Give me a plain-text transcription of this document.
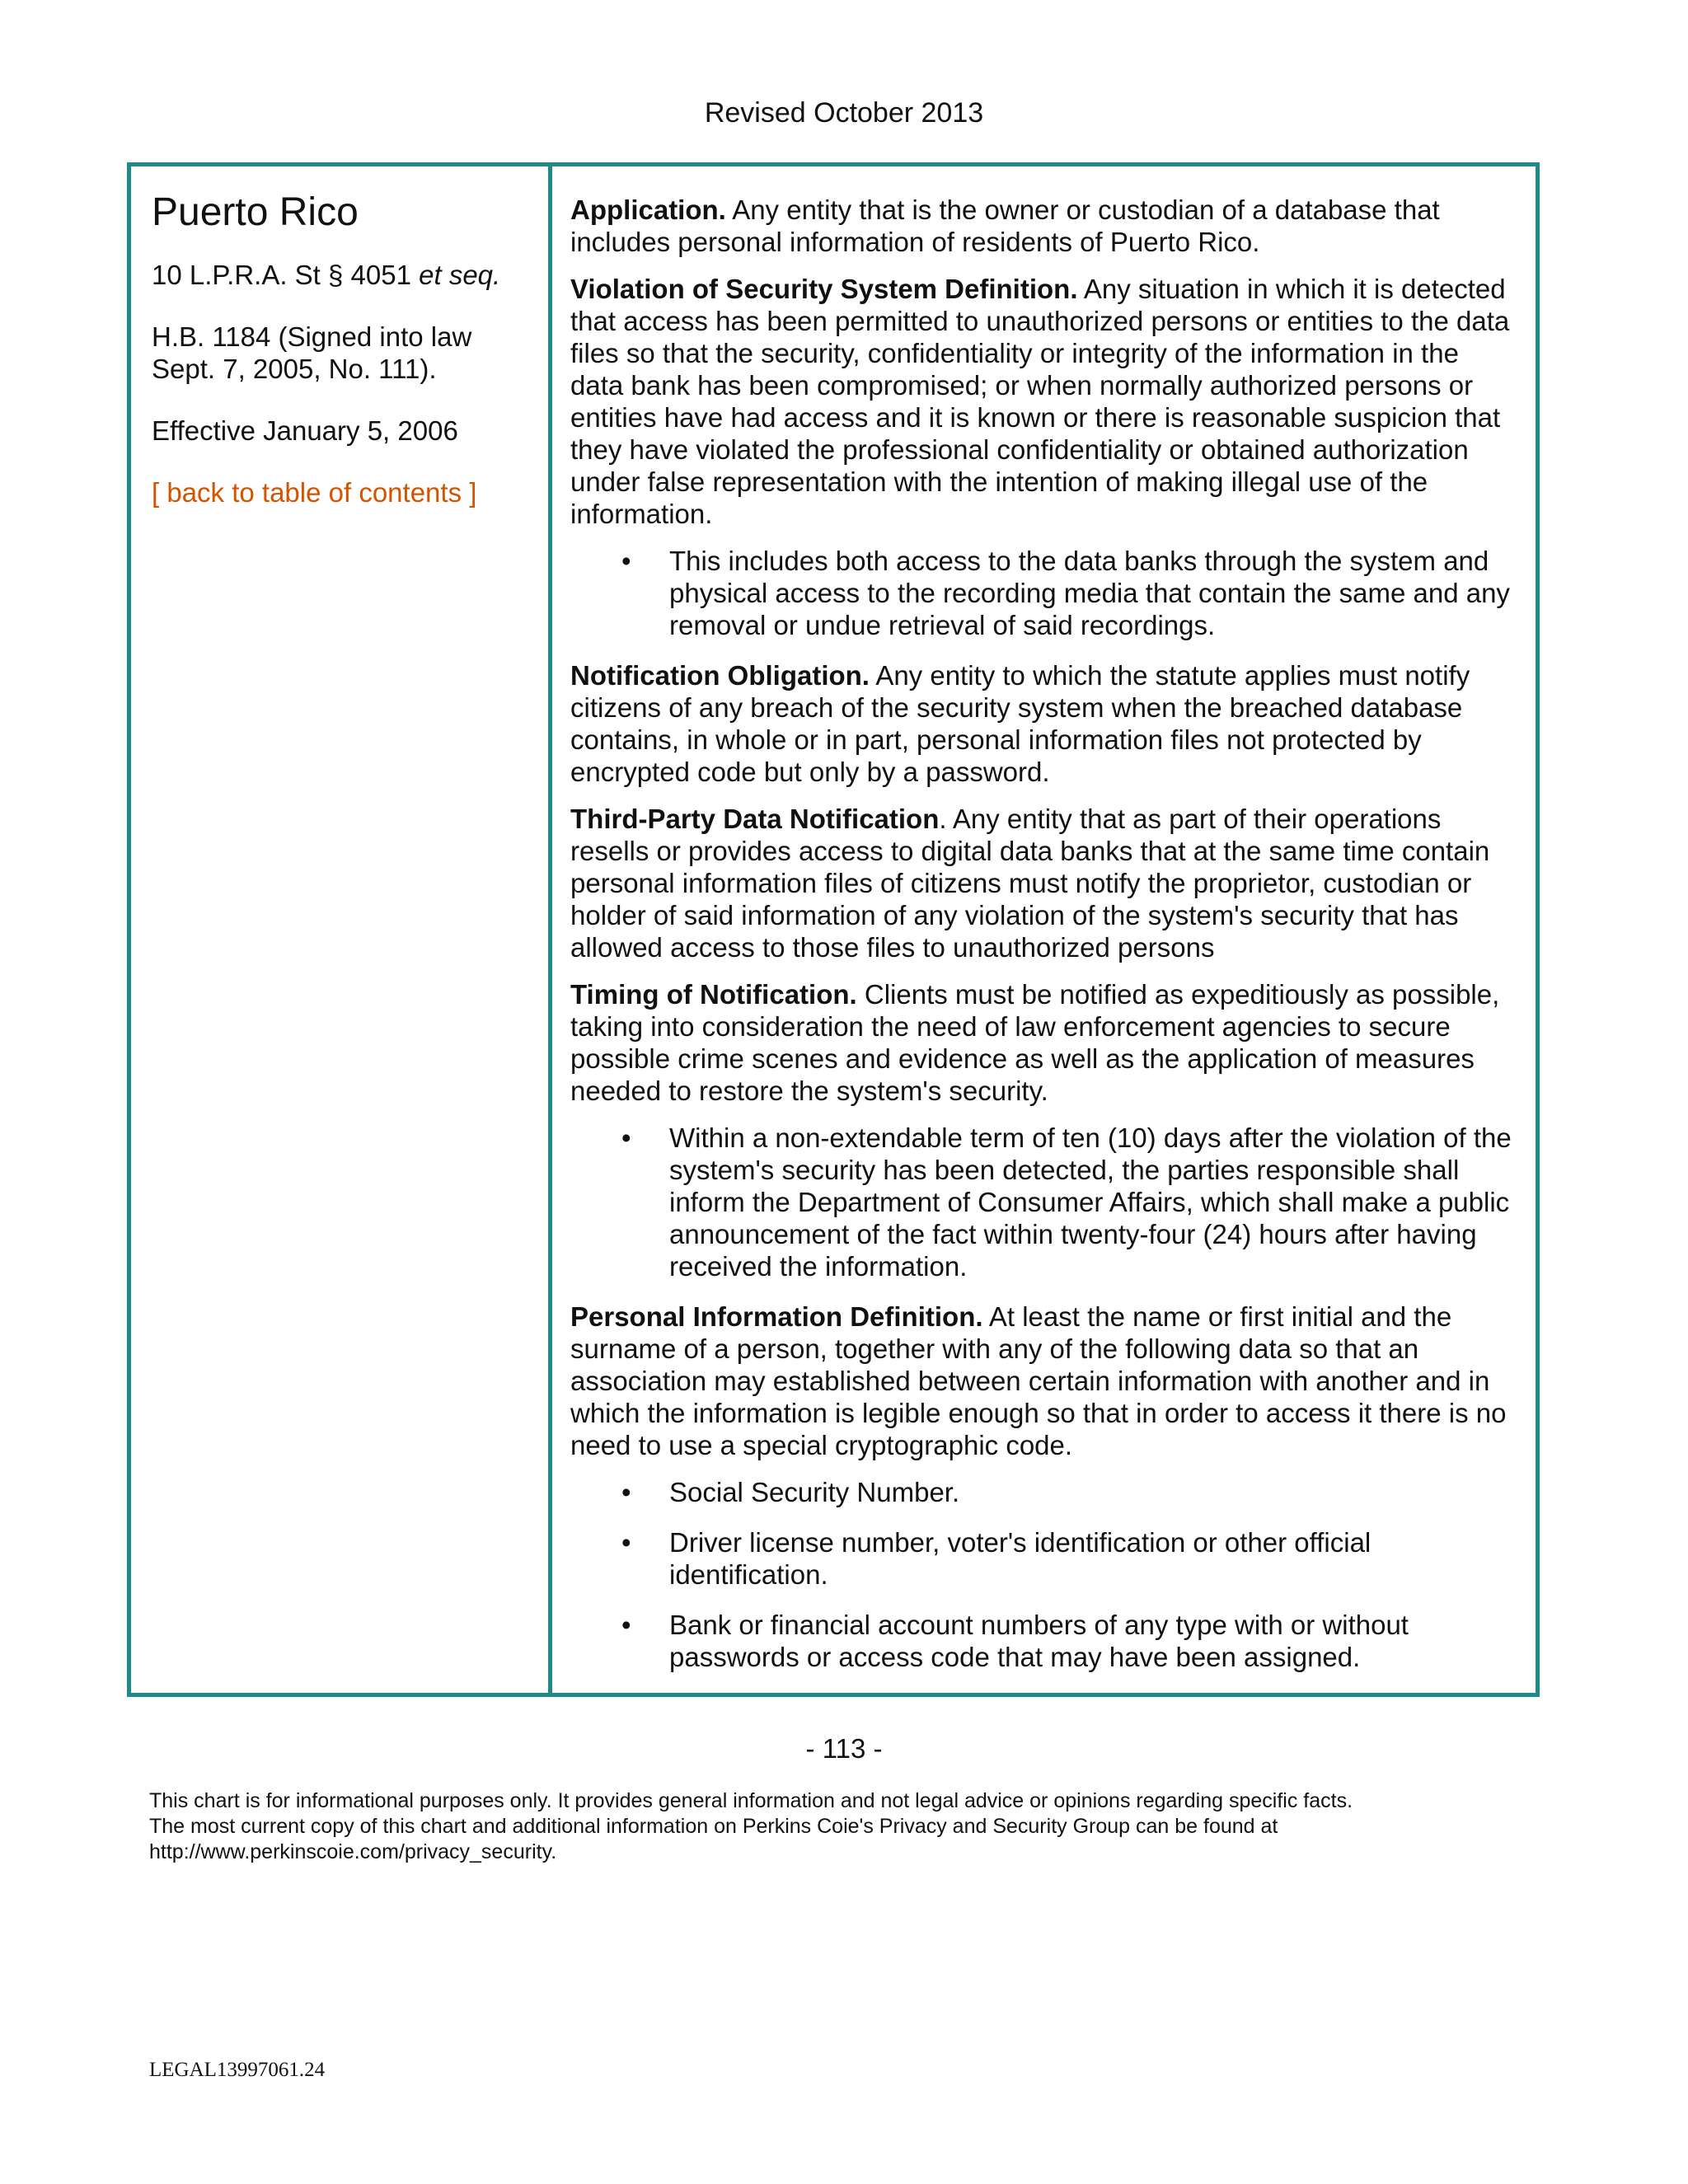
Revised October 2013
Puerto Rico

10 L.P.R.A. St § 4051 et seq.

H.B. 1184 (Signed into law
Sept. 7, 2005, No. 111).

Effective January 5, 2006

[ back to table of contents ]

Application. Any entity that is the owner or custodian of a database that includes personal information of residents of Puerto Rico.

Violation of Security System Definition. Any situation in which it is detected that access has been permitted to unauthorized persons or entities to the data files so that the security, confidentiality or integrity of the information in the data bank has been compromised; or when normally authorized persons or entities have had access and it is known or there is reasonable suspicion that they have violated the professional confidentiality or obtained authorization under false representation with the intention of making illegal use of the information.

• This includes both access to the data banks through the system and physical access to the recording media that contain the same and any removal or undue retrieval of said recordings.

Notification Obligation. Any entity to which the statute applies must notify citizens of any breach of the security system when the breached database contains, in whole or in part, personal information files not protected by encrypted code but only by a password.

Third-Party Data Notification. Any entity that as part of their operations resells or provides access to digital data banks that at the same time contain personal information files of citizens must notify the proprietor, custodian or holder of said information of any violation of the system's security that has allowed access to those files to unauthorized persons

Timing of Notification. Clients must be notified as expeditiously as possible, taking into consideration the need of law enforcement agencies to secure possible crime scenes and evidence as well as the application of measures needed to restore the system's security.

• Within a non-extendable term of ten (10) days after the violation of the system's security has been detected, the parties responsible shall inform the Department of Consumer Affairs, which shall make a public announcement of the fact within twenty-four (24) hours after having received the information.

Personal Information Definition. At least the name or first initial and the surname of a person, together with any of the following data so that an association may established between certain information with another and in which the information is legible enough so that in order to access it there is no need to use a special cryptographic code.

• Social Security Number.
• Driver license number, voter's identification or other official identification.
• Bank or financial account numbers of any type with or without passwords or access code that may have been assigned.
- 113 -
This chart is for informational purposes only. It provides general information and not legal advice or opinions regarding specific facts.
The most current copy of this chart and additional information on Perkins Coie's Privacy and Security Group can be found at
http://www.perkinscoie.com/privacy_security.
LEGAL13997061.24
